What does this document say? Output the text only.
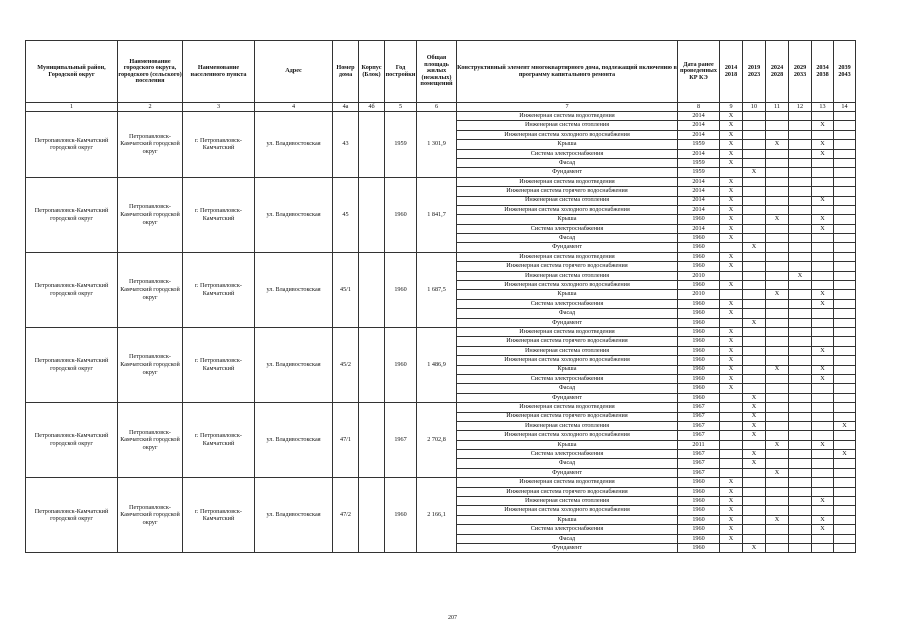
Муниципальный район, Городской округ	Наименование городского округа, городского (сельского) поселения	Наименование населенного пункта	Адрес	Номер дома	Корпус (Блок)	Год постройки	Общая площадь жилых (нежилых) помещений	Конструктивный элемент многоквартирного дома, подлежащий включению в программу капитального ремонта	Дата ранее проведенных КР КЭ	2014 2018	2019 2023	2024 2028	2029 2033	2034 2038	2039 2043
1	2	3	4	4а	4б	5	6	7	8	9	10	11	12	13	14
Петропавловск-Камчатский городской округ	Петропавловск-Камчатский городской округ	г. Петропавловск-Камчатский	ул. Владивостокская	43		1959	1 301,9	Инженерная система водоотведения	2014	X					
								Инженерная система отопления	2014	X				X	
								Инженерная система холодного водоснабжения	2014	X					
								Крыша	1959	X		X		X	
								Система электроснабжения	2014	X				X	
								Фасад	1959	X					
								Фундамент	1959		X				
Петропавловск-Камчатский городской округ	Петропавловск-Камчатский городской округ	г. Петропавловск-Камчатский	ул. Владивостокская	45		1960	1 841,7	Инженерная система водоотведения	2014	X					
								Инженерная система горячего водоснабжения	2014	X					
								Инженерная система отопления	2014	X				X	
								Инженерная система холодного водоснабжения	2014	X					
								Крыша	1960	X		X		X	
								Система электроснабжения	2014	X				X	
								Фасад	1960	X					
								Фундамент	1960		X				
Петропавловск-Камчатский городской округ	Петропавловск-Камчатский городской округ	г. Петропавловск-Камчатский	ул. Владивостокская	45/1		1960	1 687,5	Инженерная система водоотведения	1960	X					
								Инженерная система горячего водоснабжения	1960	X					
								Инженерная система отопления	2010				X		
								Инженерная система холодного водоснабжения	1960	X					
								Крыша	2010			X		X	
								Система электроснабжения	1960	X				X	
								Фасад	1960	X					
								Фундамент	1960		X				
Петропавловск-Камчатский городской округ	Петропавловск-Камчатский городской округ	г. Петропавловск-Камчатский	ул. Владивостокская	45/2		1960	1 486,9	Инженерная система водоотведения	1960	X					
								Инженерная система горячего водоснабжения	1960	X					
								Инженерная система отопления	1960	X				X	
								Инженерная система холодного водоснабжения	1960	X					
								Крыша	1960	X		X		X	
								Система электроснабжения	1960	X				X	
								Фасад	1960	X					
								Фундамент	1960		X				
Петропавловск-Камчатский городской округ	Петропавловск-Камчатский городской округ	г. Петропавловск-Камчатский	ул. Владивостокская	47/1		1967	2 702,8	Инженерная система водоотведения	1967		X				
								Инженерная система горячего водоснабжения	1967		X				
								Инженерная система отопления	1967		X				X
								Инженерная система холодного водоснабжения	1967		X				
								Крыша	2011			X		X	
								Система электроснабжения	1967		X				X
								Фасад	1967		X				
								Фундамент	1967			X			
Петропавловск-Камчатский городской округ	Петропавловск-Камчатский городской округ	г. Петропавловск-Камчатский	ул. Владивостокская	47/2		1960	2 166,1	Инженерная система водоотведения	1960	X					
								Инженерная система горячего водоснабжения	1960	X					
								Инженерная система отопления	1960	X				X	
								Инженерная система холодного водоснабжения	1960	X					
								Крыша	1960	X		X		X	
								Система электроснабжения	1960	X				X	
								Фасад	1960	X					
								Фундамент	1960		X				
207
